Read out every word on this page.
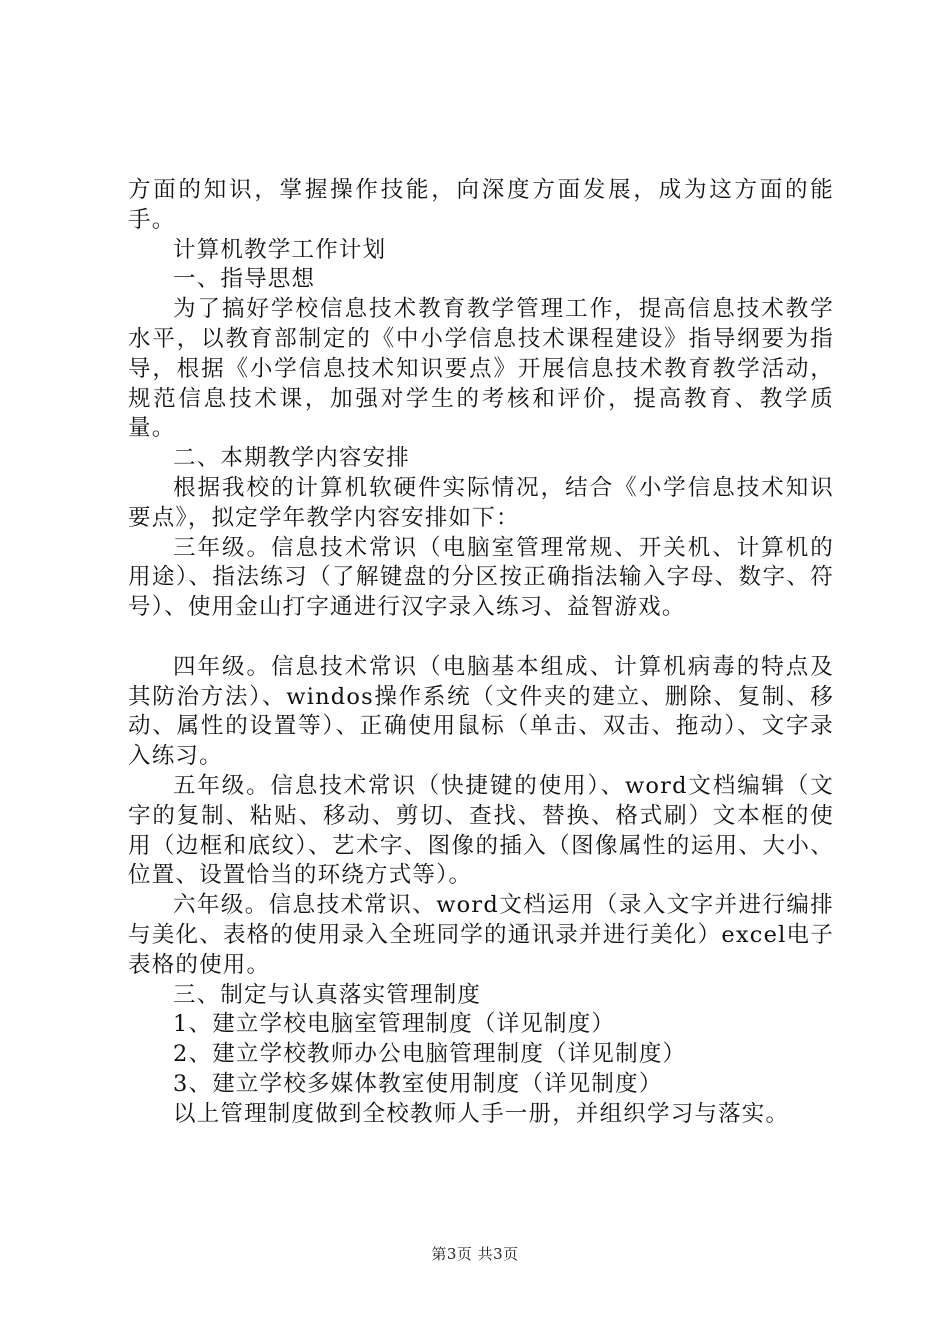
方面的知识，掌握操作技能，向深度方面发展，成为这方面的能手。

计算机教学工作计划

一、指导思想

为了搞好学校信息技术教育教学管理工作，提高信息技术教学水平，以教育部制定的《中小学信息技术课程建设》指导纲要为指导，根据《小学信息技术知识要点》开展信息技术教育教学活动，规范信息技术课，加强对学生的考核和评价，提高教育、教学质量。

二、本期教学内容安排

根据我校的计算机软硬件实际情况，结合《小学信息技术知识要点》，拟定学年教学内容安排如下：

三年级。信息技术常识（电脑室管理常规、开关机、计算机的用途）、指法练习（了解键盘的分区按正确指法输入字母、数字、符号）、使用金山打字通进行汉字录入练习、益智游戏。

四年级。信息技术常识（电脑基本组成、计算机病毒的特点及其防治方法）、windos操作系统（文件夹的建立、删除、复制、移动、属性的设置等）、正确使用鼠标（单击、双击、拖动）、文字录入练习。

五年级。信息技术常识（快捷键的使用）、word文档编辑（文字的复制、粘贴、移动、剪切、查找、替换、格式刷）文本框的使用（边框和底纹）、艺术字、图像的插入（图像属性的运用、大小、位置、设置恰当的环绕方式等）。

六年级。信息技术常识、word文档运用（录入文字并进行编排与美化、表格的使用录入全班同学的通讯录并进行美化）excel电子表格的使用。

三、制定与认真落实管理制度

1、建立学校电脑室管理制度（详见制度）

2、建立学校教师办公电脑管理制度（详见制度）

3、建立学校多媒体教室使用制度（详见制度）

以上管理制度做到全校教师人手一册，并组织学习与落实。

第3页 共3页
